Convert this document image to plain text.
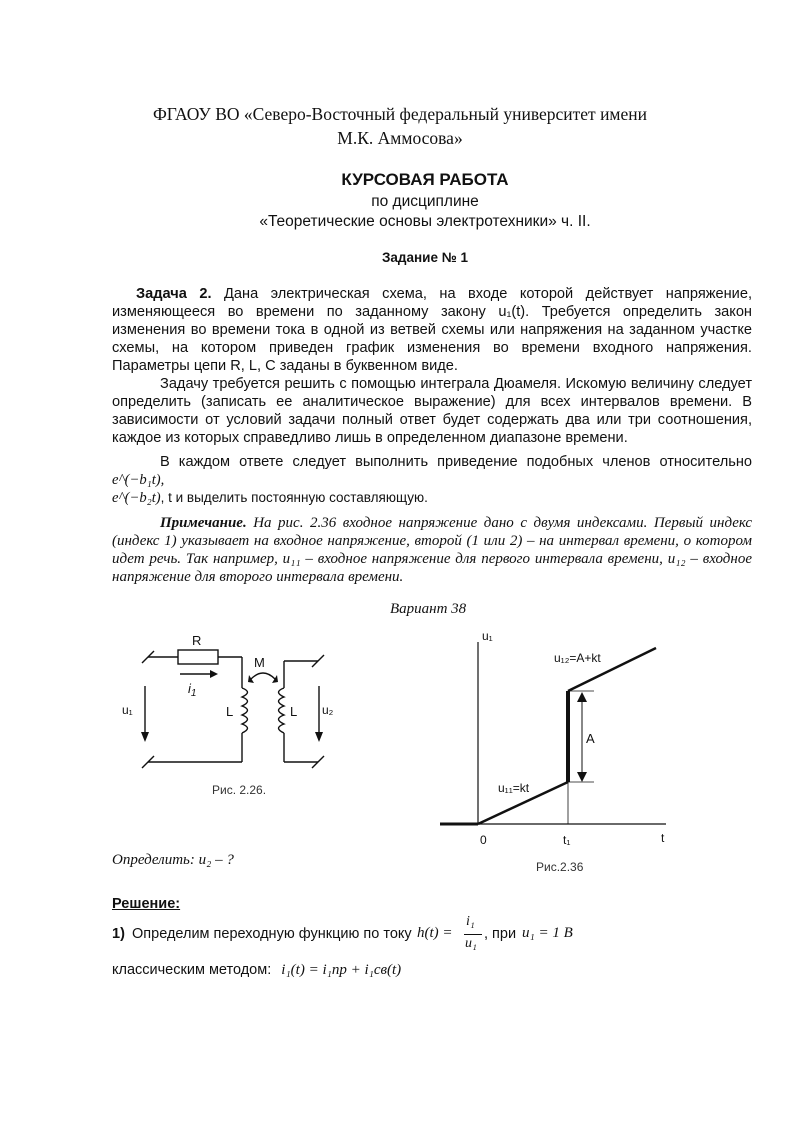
ФГАОУ ВО «Северо-Восточный федеральный университет имени
М.К. Аммосова»
КУРСОВАЯ РАБОТА
по дисциплине
«Теоретические основы электротехники» ч. II.
Задание № 1
Задача 2. Дана электрическая схема, на входе которой действует напряжение, изменяющееся во времени по заданному закону u₁(t). Требуется определить закон изменения во времени тока в одной из ветвей схемы или напряжения на заданном участке схемы, на котором приведен график изменения во времени входного напряжения. Параметры цепи R, L, C заданы в буквенном виде.
Задачу требуется решить с помощью интеграла Дюамеля. Искомую величину следует определить (записать ее аналитическое выражение) для всех интервалов времени. В зависимости от условий задачи полный ответ будет содержать два или три соотношения, каждое из которых справедливо лишь в определенном диапазоне времени.
В каждом ответе следует выполнить приведение подобных членов относительно e^(−b₁t),
e^(−b₂t), t и выделить постоянную составляющую.
Примечание. На рис. 2.36 входное напряжение дано с двумя индексами. Первый индекс (индекс 1) указывает на входное напряжение, второй (1 или 2) – на интервал времени, о котором идет речь. Так например, u₁₁ – входное напряжение для первого интервала времени, u₁₂ – входное напряжение для второго интервала времени.
Вариант 38
R
M
$i_1$
L	L
u₁	u₂
Рис. 2.26.
u₁
t
0	t₁
u₁₂=A+kt
u₁₁=kt
A
Рис.2.36
Определить: u₂ – ?
Решение:
1) Определим переходную функцию по току h(t) =
i₁
u₁
, при u₁ = 1 B
классическим методом: i₁(t) = i₁пр + i₁св(t)
